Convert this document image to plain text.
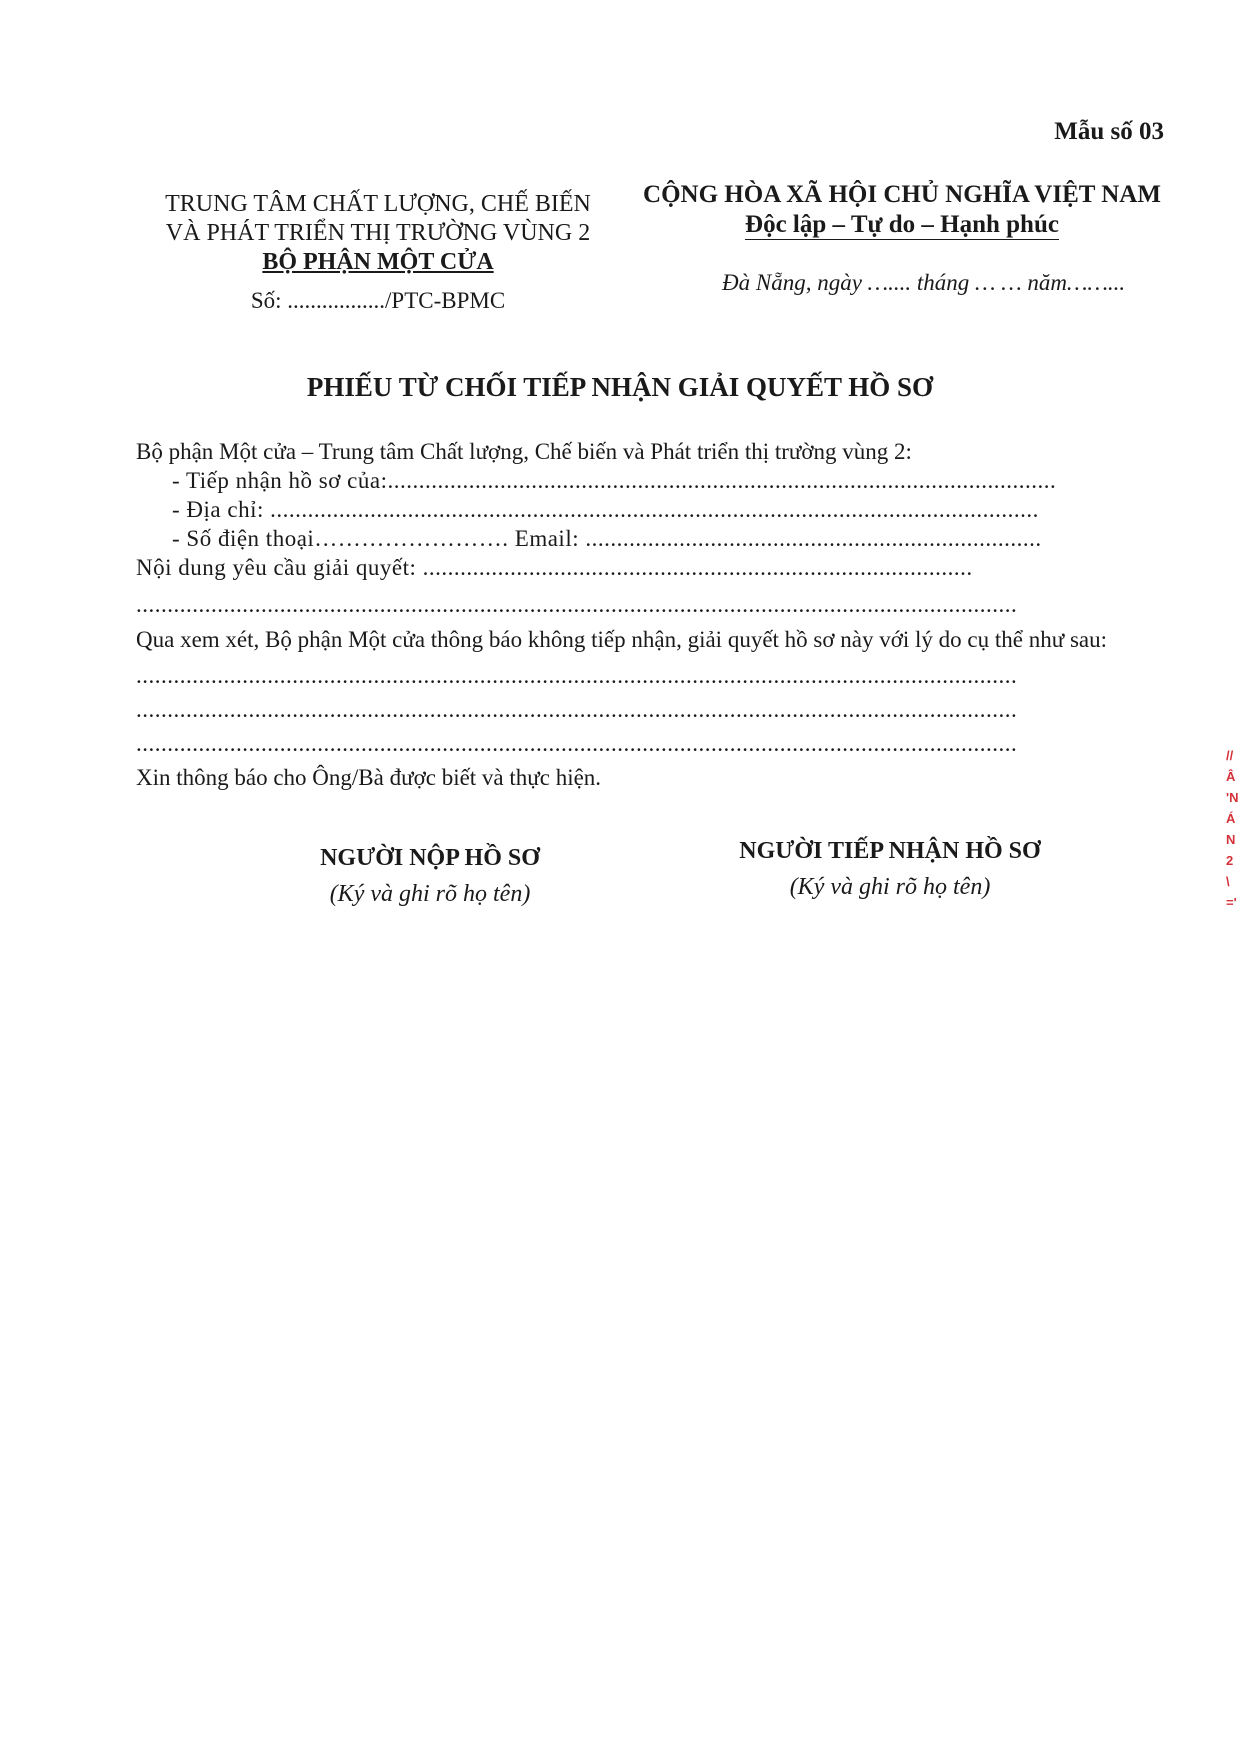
Mẫu số 03
TRUNG TÂM CHẤT LƯỢNG, CHẾ BIẾN
VÀ PHÁT TRIỂN THỊ TRƯỜNG VÙNG 2
BỘ PHẬN MỘT CỬA
Số: ................./PTC-BPMC
CỘNG HÒA XÃ HỘI CHỦ NGHĨA VIỆT NAM
Độc lập – Tự do – Hạnh phúc
Đà Nẵng, ngày ….... tháng … … năm……...
PHIẾU TỪ CHỐI TIẾP NHẬN GIẢI QUYẾT HỒ SƠ
Bộ phận Một cửa – Trung tâm Chất lượng, Chế biến và Phát triển thị trường vùng 2:
- Tiếp nhận hồ sơ của:...........................................................................................................
- Địa chỉ: ...........................................................................................................................
- Số điện thoại……………………. Email: .........................................................................
Nội dung yêu cầu giải quyết: ........................................................................................
.............................................................................................................................................
Qua xem xét, Bộ phận Một cửa thông báo không tiếp nhận, giải quyết hồ sơ này với lý do cụ thể như sau:
.............................................................................................................................................
.............................................................................................................................................
.............................................................................................................................................
Xin thông báo cho Ông/Bà được biết và thực hiện.
NGƯỜI NỘP HỒ SƠ
(Ký và ghi rõ họ tên)
NGƯỜI TIẾP NHẬN HỒ SƠ
(Ký và ghi rõ họ tên)
//
Â
'N
Á
N
2
\
='
